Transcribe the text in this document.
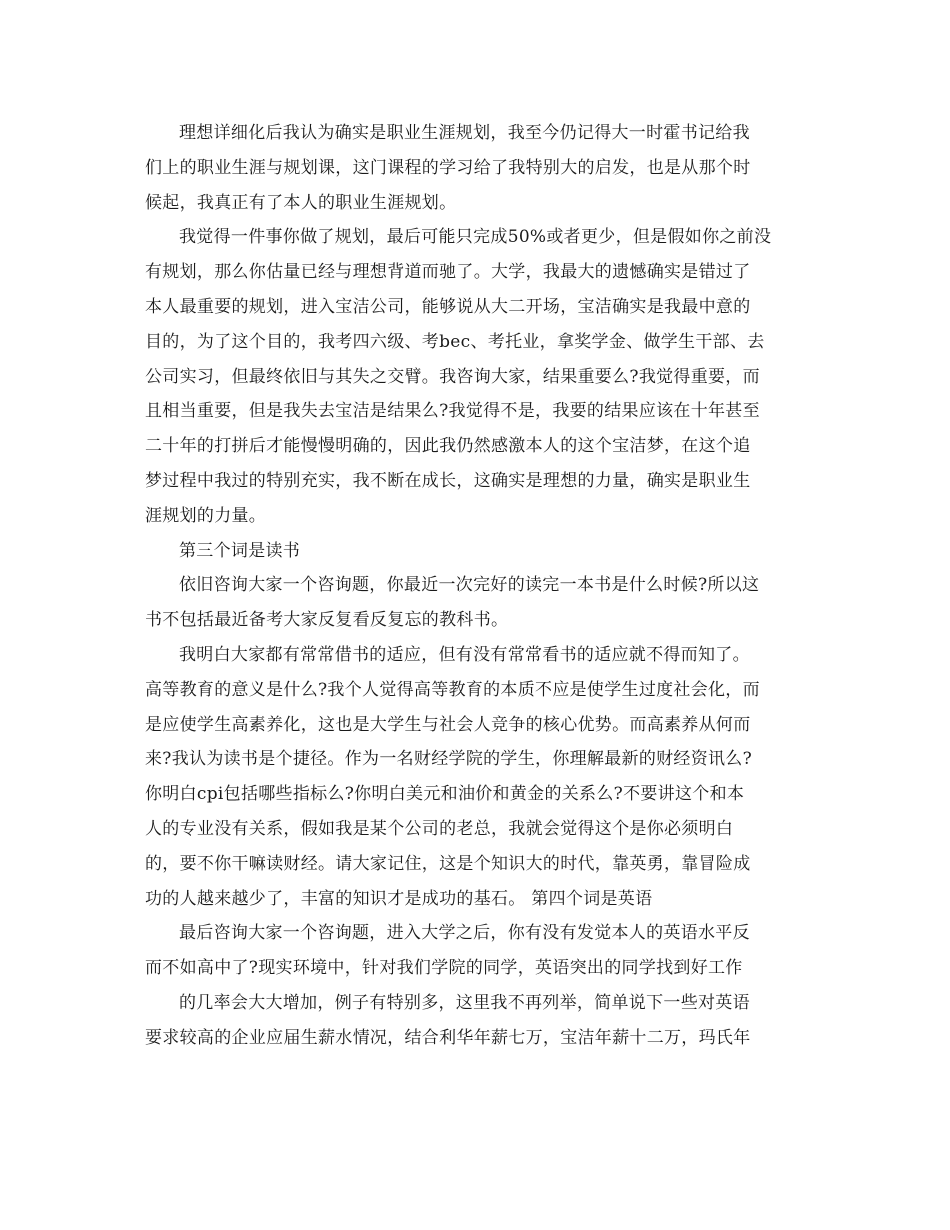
理想详细化后我认为确实是职业生涯规划，我至今仍记得大一时霍书记给我
们上的职业生涯与规划课，这门课程的学习给了我特别大的启发，也是从那个时
候起，我真正有了本人的职业生涯规划。
我觉得一件事你做了规划，最后可能只完成50%或者更少，但是假如你之前没
有规划，那么你估量已经与理想背道而驰了。大学，我最大的遗憾确实是错过了
本人最重要的规划，进入宝洁公司，能够说从大二开场，宝洁确实是我最中意的
目的，为了这个目的，我考四六级、考bec、考托业，拿奖学金、做学生干部、去
公司实习，但最终依旧与其失之交臂。我咨询大家，结果重要么?我觉得重要，而
且相当重要，但是我失去宝洁是结果么?我觉得不是，我要的结果应该在十年甚至
二十年的打拼后才能慢慢明确的，因此我仍然感激本人的这个宝洁梦，在这个追
梦过程中我过的特别充实，我不断在成长，这确实是理想的力量，确实是职业生
涯规划的力量。
第三个词是读书
依旧咨询大家一个咨询题，你最近一次完好的读完一本书是什么时候?所以这
书不包括最近备考大家反复看反复忘的教科书。
我明白大家都有常常借书的适应，但有没有常常看书的适应就不得而知了。
高等教育的意义是什么?我个人觉得高等教育的本质不应是使学生过度社会化，而
是应使学生高素养化，这也是大学生与社会人竞争的核心优势。而高素养从何而
来?我认为读书是个捷径。作为一名财经学院的学生，你理解最新的财经资讯么?
你明白cpi包括哪些指标么?你明白美元和油价和黄金的关系么?不要讲这个和本
人的专业没有关系，假如我是某个公司的老总，我就会觉得这个是你必须明白
的，要不你干嘛读财经。请大家记住，这是个知识大的时代，靠英勇，靠冒险成
功的人越来越少了，丰富的知识才是成功的基石。 第四个词是英语
最后咨询大家一个咨询题，进入大学之后，你有没有发觉本人的英语水平反
而不如高中了?现实环境中，针对我们学院的同学，英语突出的同学找到好工作
的几率会大大增加，例子有特别多，这里我不再列举，简单说下一些对英语
要求较高的企业应届生薪水情况，结合利华年薪七万，宝洁年薪十二万，玛氏年
